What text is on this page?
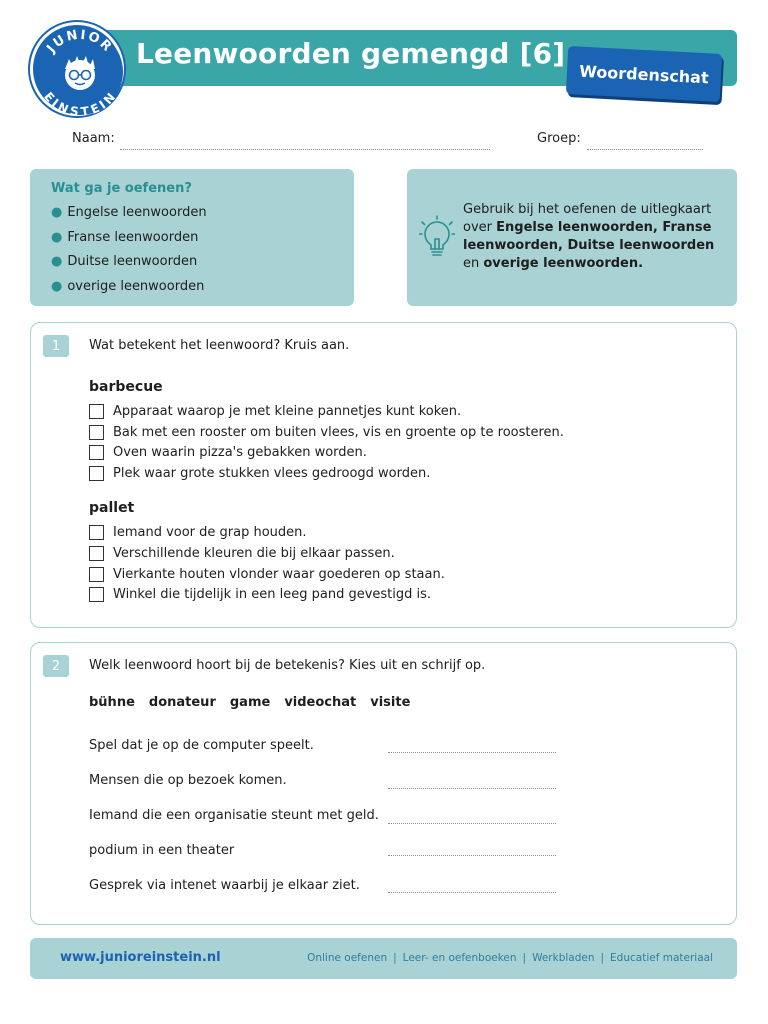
JUNIOR
EINSTEIN
Leenwoorden gemengd [6]
Woordenschat
Naam:	Groep:
Wat ga je oefenen?
● Engelse leenwoorden
● Franse leenwoorden
● Duitse leenwoorden
● overige leenwoorden

Gebruik bij het oefenen de uitlegkaart over Engelse leenwoorden, Franse leenwoorden, Duitse leenwoorden en overige leenwoorden.

1	Wat betekent het leenwoord? Kruis aan.
barbecue
Apparaat waarop je met kleine pannetjes kunt koken.
Bak met een rooster om buiten vlees, vis en groente op te roosteren.
Oven waarin pizza's gebakken worden.
Plek waar grote stukken vlees gedroogd worden.
pallet
Iemand voor de grap houden.
Verschillende kleuren die bij elkaar passen.
Vierkante houten vlonder waar goederen op staan.
Winkel die tijdelijk in een leeg pand gevestigd is.
2	Welk leenwoord hoort bij de betekenis? Kies uit en schrijf op.
bühne donateur game videochat visite
Spel dat je op de computer speelt.
Mensen die op bezoek komen.
Iemand die een organisatie steunt met geld.
podium in een theater
Gesprek via intenet waarbij je elkaar ziet.
www.junioreinstein.nl	Online oefenen | Leer- en oefenboeken | Werkbladen | Educatief materiaal
